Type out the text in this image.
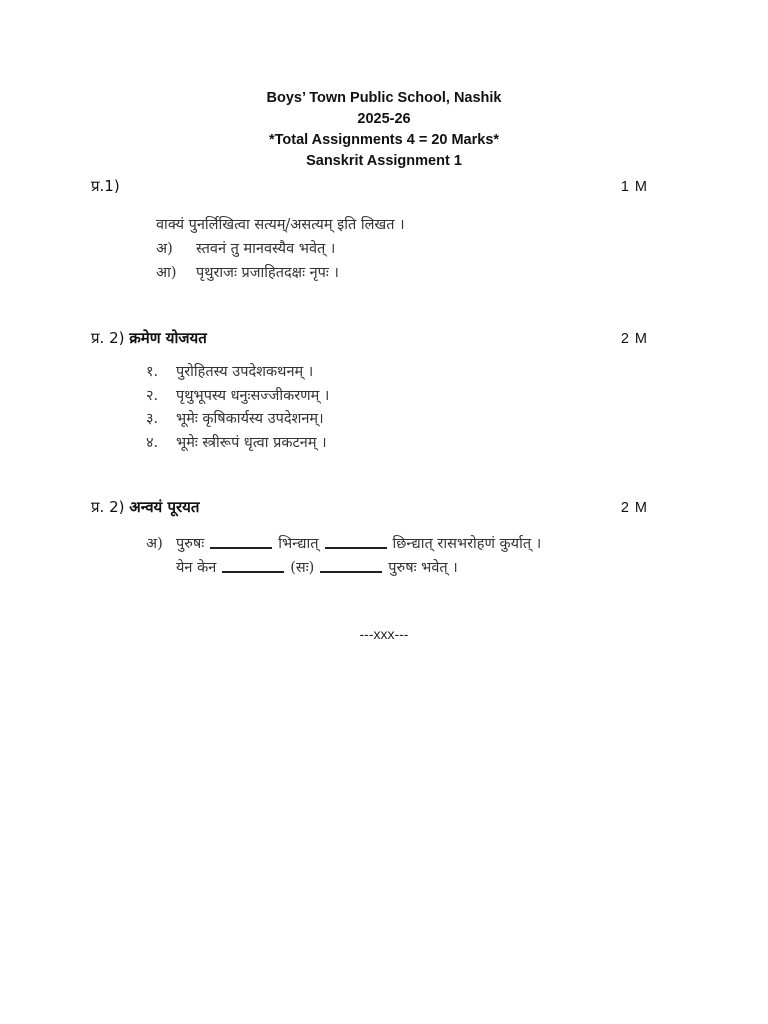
Boys’ Town Public School, Nashik
2025-26
*Total Assignments 4 = 20 Marks*
Sanskrit Assignment 1
प्र.1)	1 M
वाक्यं पुनर्लिखित्वा सत्यम्/असत्यम् इति लिखत ।
अ) स्तवनं तु मानवस्यैव भवेत् ।
आ) पृथुराजः प्रजाहितदक्षः नृपः ।
प्र. 2) क्रमेण योजयत	2 M
१. पुरोहितस्य उपदेशकथनम् ।
२. पृथुभूपस्य धनुःसज्जीकरणम् ।
३. भूमेः कृषिकार्यस्य उपदेशनम्।
४. भूमेः स्त्रीरूपं धृत्वा प्रकटनम् ।
प्र. 2) अन्वयं पूरयत	2 M
अ) पुरुषः	भिन्द्यात्	छिन्द्यात् रासभरोहणं कुर्यात् ।
येन केन	(सः)	पुरुषः भवेत् ।
---xxx---
